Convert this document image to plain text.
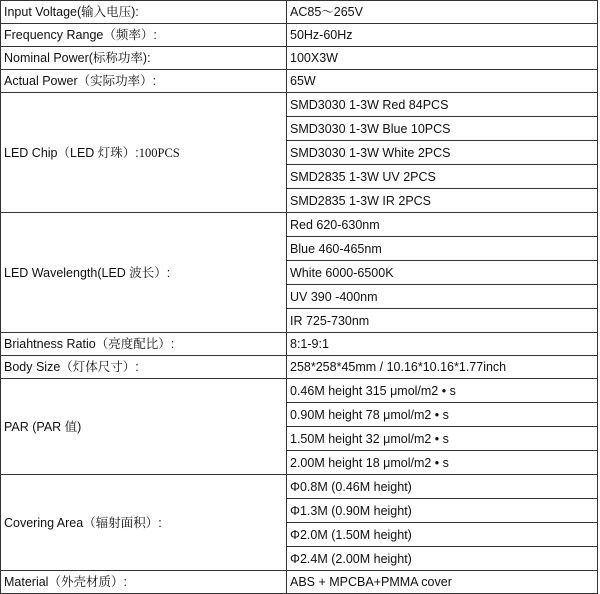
Input Voltage(输入电压):	AC85～265V
Frequency Range（频率）:	50Hz-60Hz
Nominal Power(标称功率):	100X3W
Actual Power（实际功率）:	65W
LED Chip（LED 灯珠）:100PCS	SMD3030 1-3W Red 84PCS
	SMD3030 1-3W Blue 10PCS
	SMD3030 1-3W White 2PCS
	SMD2835 1-3W UV 2PCS
	SMD2835 1-3W IR 2PCS
LED Wavelength(LED 波长）:	Red 620-630nm
	Blue 460-465nm
	White 6000-6500K
	UV 390 -400nm
	IR 725-730nm
Briahtness Ratio（亮度配比）:	8:1-9:1
Body Size（灯体尺寸）:	258*258*45mm / 10.16*10.16*1.77inch
PAR (PAR 值)	0.46M height 315 μmol/m2 • s
	0.90M height 78 μmol/m2 • s
	1.50M height 32 μmol/m2 • s
	2.00M height 18 μmol/m2 • s
Covering Area（辐射面积）:	Φ0.8M (0.46M height)
	Φ1.3M (0.90M height)
	Φ2.0M (1.50M height)
	Φ2.4M (2.00M height)
Material（外壳材质）:	ABS + MPCBA+PMMA cover
